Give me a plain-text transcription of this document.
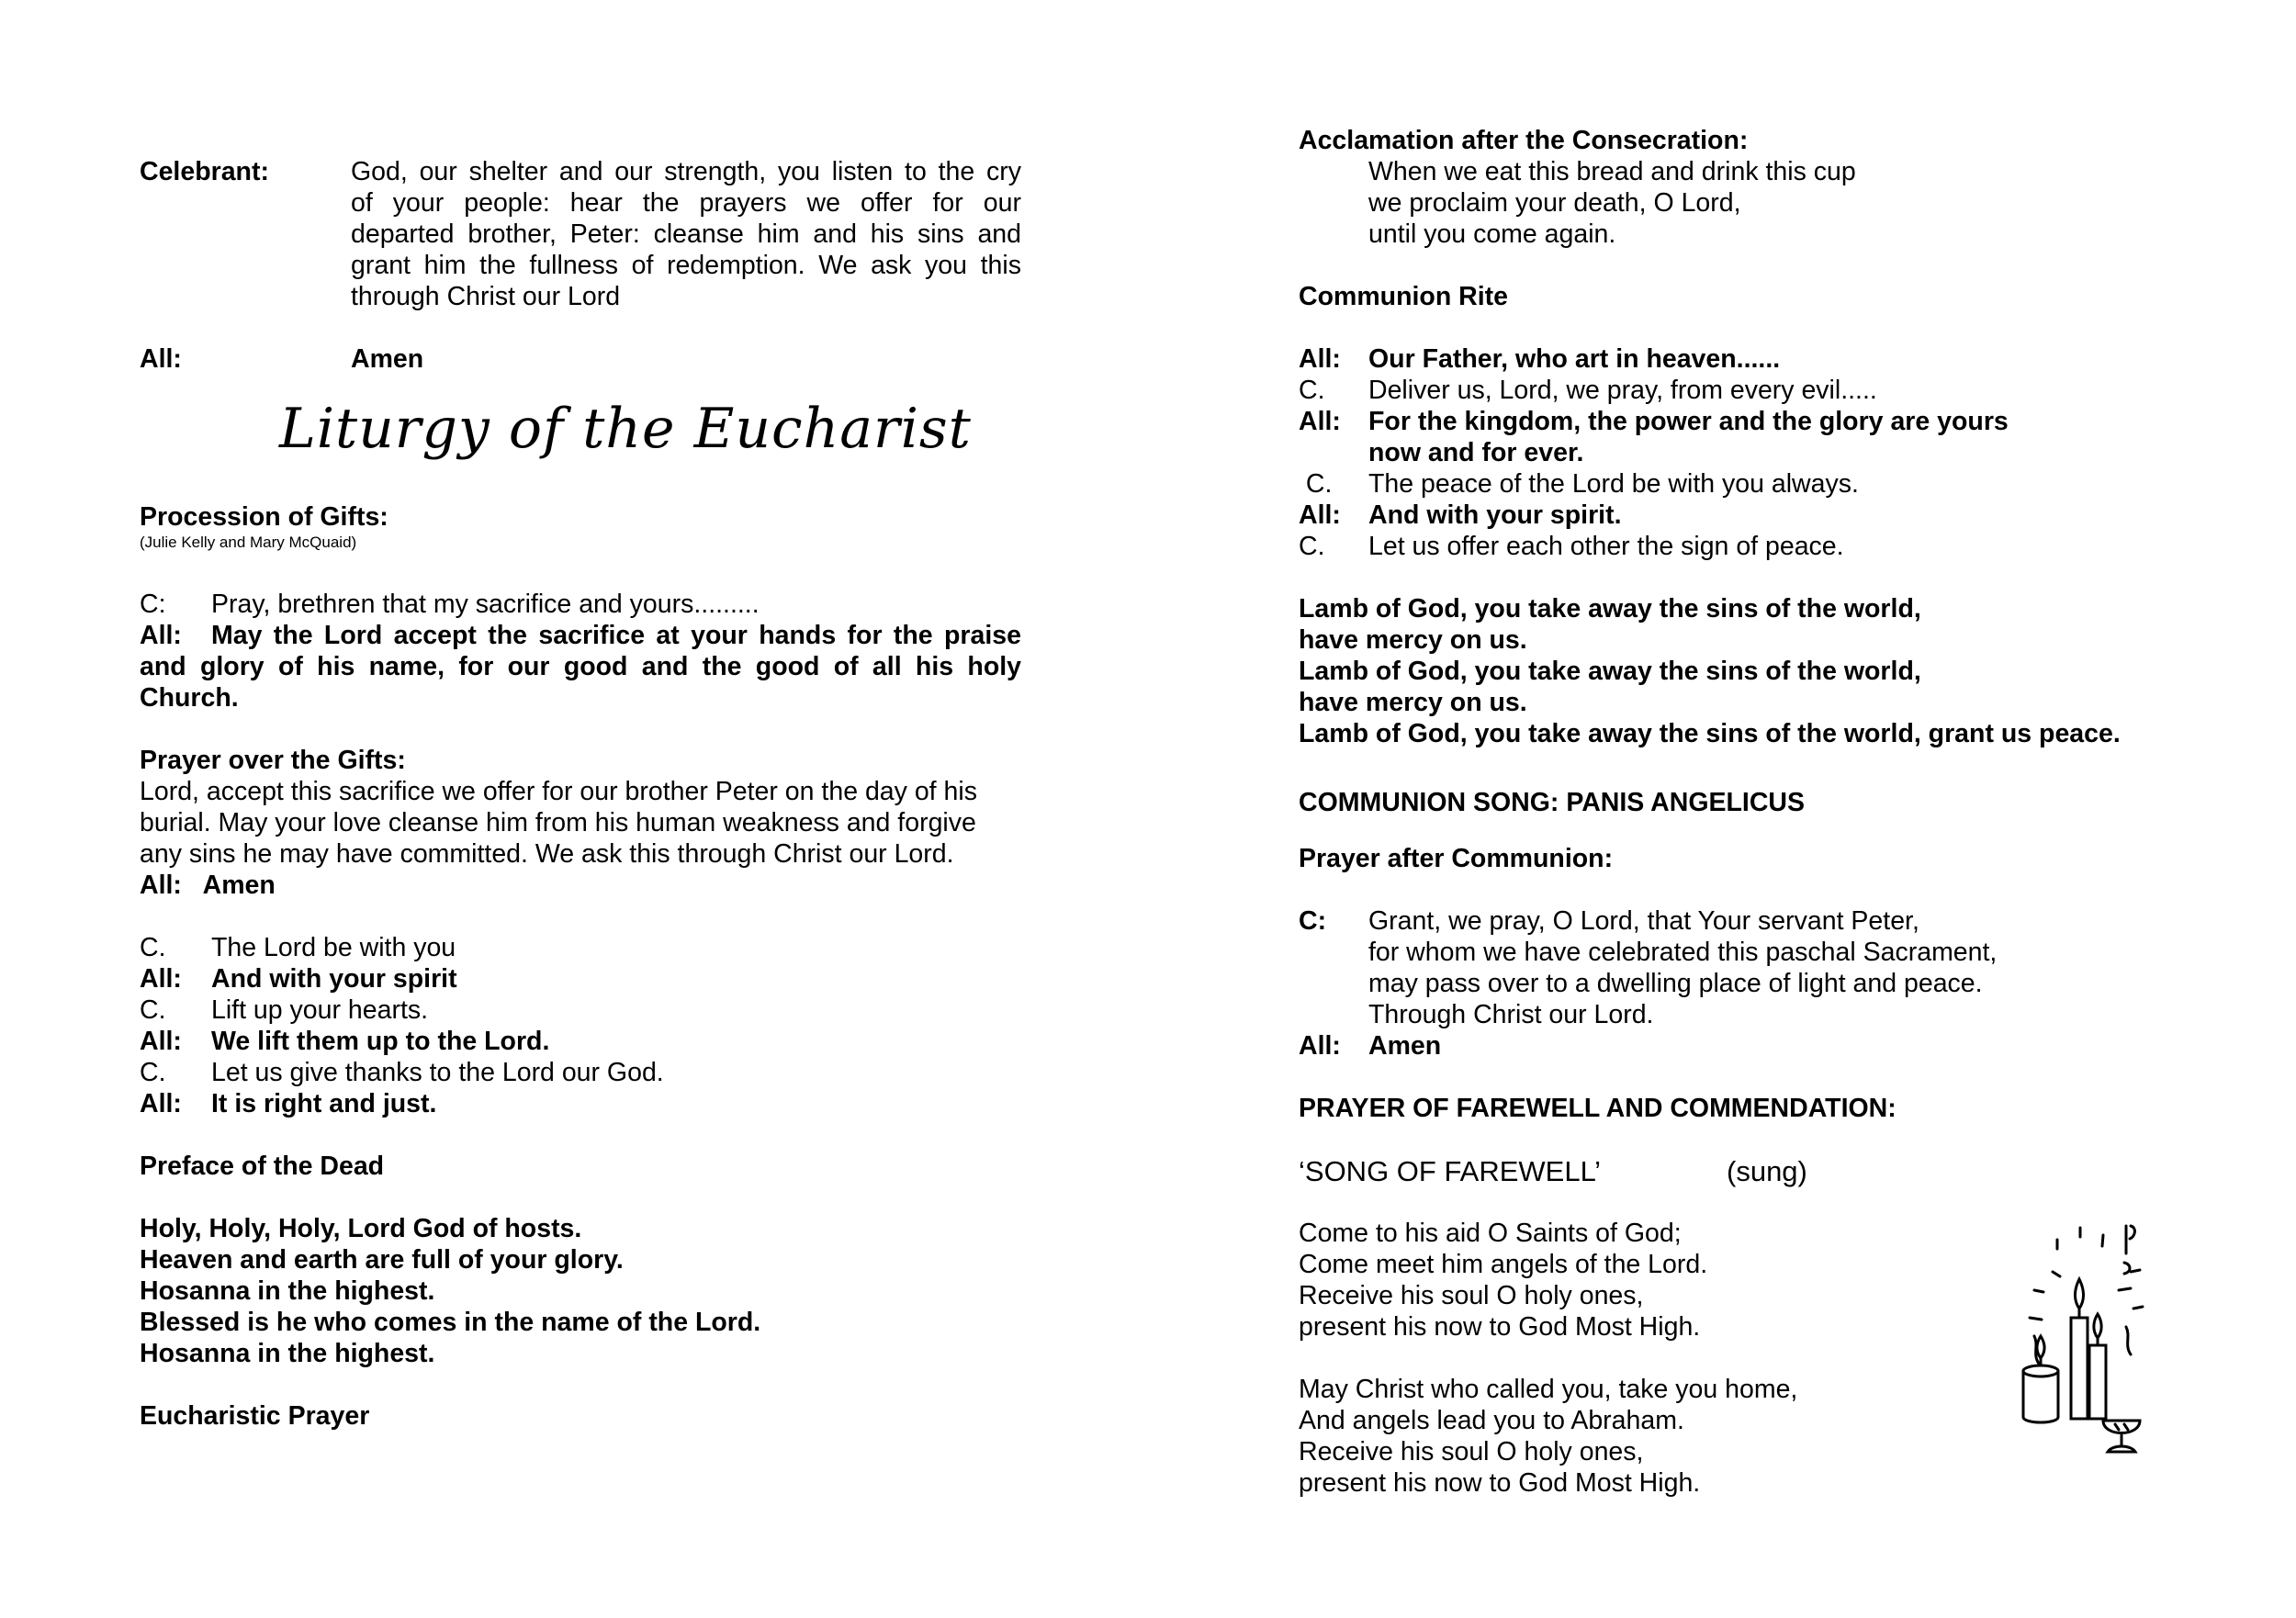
Celebrant:	God, our shelter and our strength, you listen to the cry
of your people: hear the prayers we offer for our
departed brother, Peter: cleanse him and his sins and
grant him the fullness of redemption. We ask you this
through Christ our Lord
All:	Amen
Liturgy of the Eucharist
Procession of Gifts:
(Julie Kelly and Mary McQuaid)
C: Pray, brethren that my sacrifice and yours.........
All: May the Lord accept the sacrifice at your hands for the praise
and glory of his name, for our good and the good of all his holy
Church.
Prayer over the Gifts:
Lord, accept this sacrifice we offer for our brother Peter on the day of his
burial. May your love cleanse him from his human weakness and forgive
any sins he may have committed. We ask this through Christ our Lord.
All:   Amen
C. The Lord be with you
All: And with your spirit
C. Lift up your hearts.
All: We lift them up to the Lord.
C. Let us give thanks to the Lord our God.
All: It is right and just.
Preface of the Dead
Holy, Holy, Holy, Lord God of hosts.
Heaven and earth are full of your glory.
Hosanna in the highest.
Blessed is he who comes in the name of the Lord.
Hosanna in the highest.
Eucharistic Prayer
Acclamation after the Consecration:
When we eat this bread and drink this cup
we proclaim your death, O Lord,
until you come again.
Communion Rite
All: Our Father, who art in heaven......
C. Deliver us, Lord, we pray, from every evil.....
All: For the kingdom, the power and the glory are yours
now and for ever.
C. The peace of the Lord be with you always.
All: And with your spirit.
C. Let us offer each other the sign of peace.
Lamb of God, you take away the sins of the world,
have mercy on us.
Lamb of God, you take away the sins of the world,
have mercy on us.
Lamb of God, you take away the sins of the world, grant us peace.
COMMUNION SONG: PANIS ANGELICUS
Prayer after Communion:
C: Grant, we pray, O Lord, that Your servant Peter,
for whom we have celebrated this paschal Sacrament,
may pass over to a dwelling place of light and peace.
Through Christ our Lord.
All: Amen
PRAYER OF FAREWELL AND COMMENDATION:
‘SONG OF FAREWELL’	(sung)
Come to his aid O Saints of God;
Come meet him angels of the Lord.
Receive his soul O holy ones,
present his now to God Most High.
May Christ who called you, take you home,
And angels lead you to Abraham.
Receive his soul O holy ones,
present his now to God Most High.
